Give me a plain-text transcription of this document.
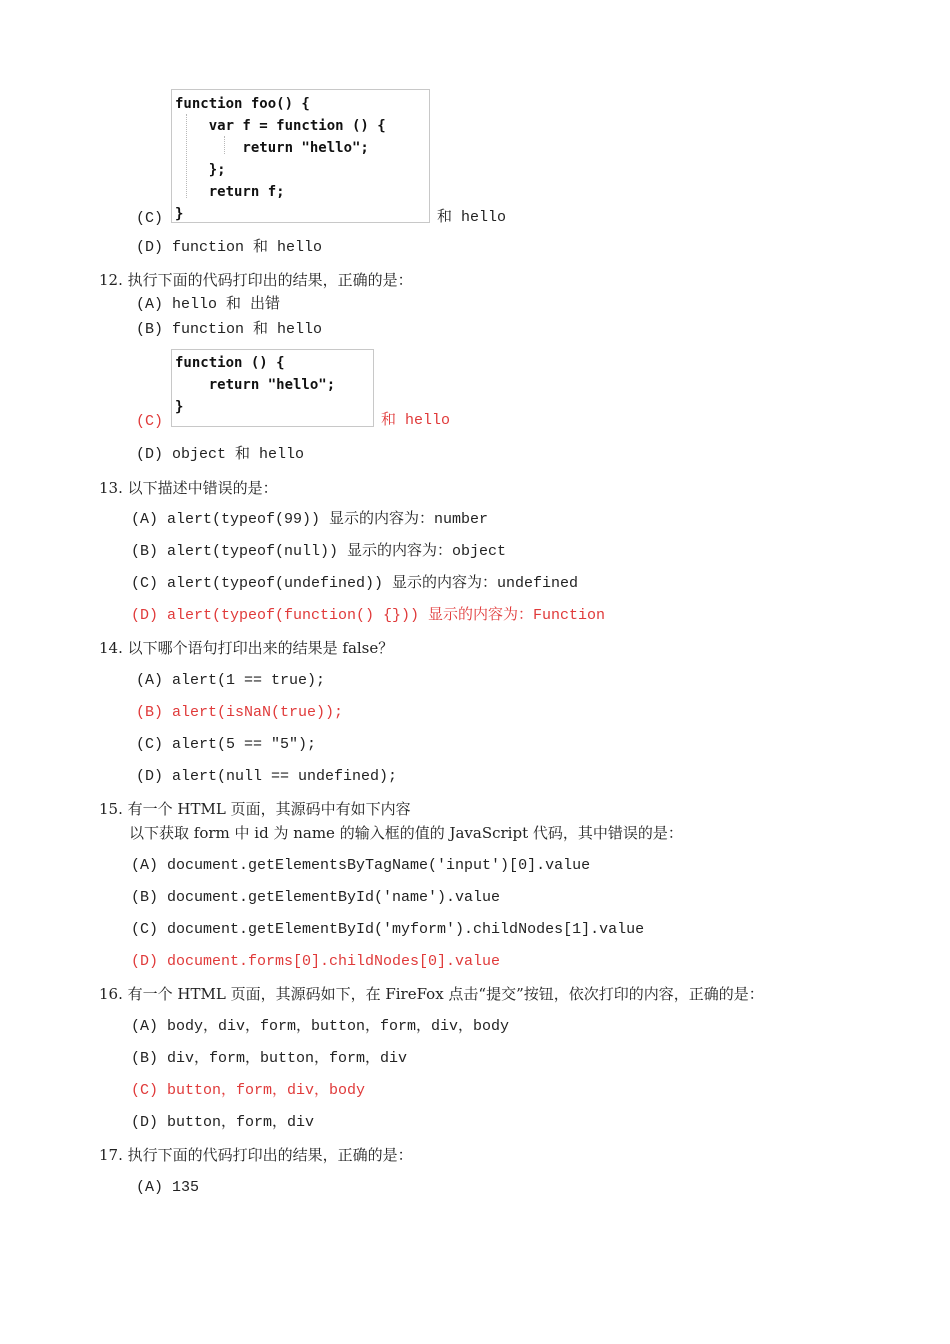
function foo() {
var f = function () {
return "hello";
};
return f;
}
(C)	和 hello
(D) function 和 hello
12. 执行下面的代码打印出的结果，正确的是：
(A) hello 和 出错
(B) function 和 hello
function () {
return "hello";
}
(C)	和 hello
(D) object 和 hello
13. 以下描述中错误的是：
(A) alert(typeof(99)) 显示的内容为：number
(B) alert(typeof(null)) 显示的内容为：object
(C) alert(typeof(undefined)) 显示的内容为：undefined
(D) alert(typeof(function() {})) 显示的内容为：Function
14. 以下哪个语句打印出来的结果是 false？
(A) alert(1 == true);
(B) alert(isNaN(true));
(C) alert(5 == "5");
(D) alert(null == undefined);
15. 有一个 HTML 页面，其源码中有如下内容
以下获取 form 中 id 为 name 的输入框的值的 JavaScript 代码，其中错误的是：
(A) document.getElementsByTagName('input')[0].value
(B) document.getElementById('name').value
(C) document.getElementById('myform').childNodes[1].value
(D) document.forms[0].childNodes[0].value
16. 有一个 HTML 页面，其源码如下，在 FireFox 点击“提交”按钮，依次打印的内容，正确的是：
(A) body，div，form，button，form，div，body
(B) div，form，button，form，div
(C) button，form，div，body
(D) button，form，div
17. 执行下面的代码打印出的结果，正确的是：
(A) 135
